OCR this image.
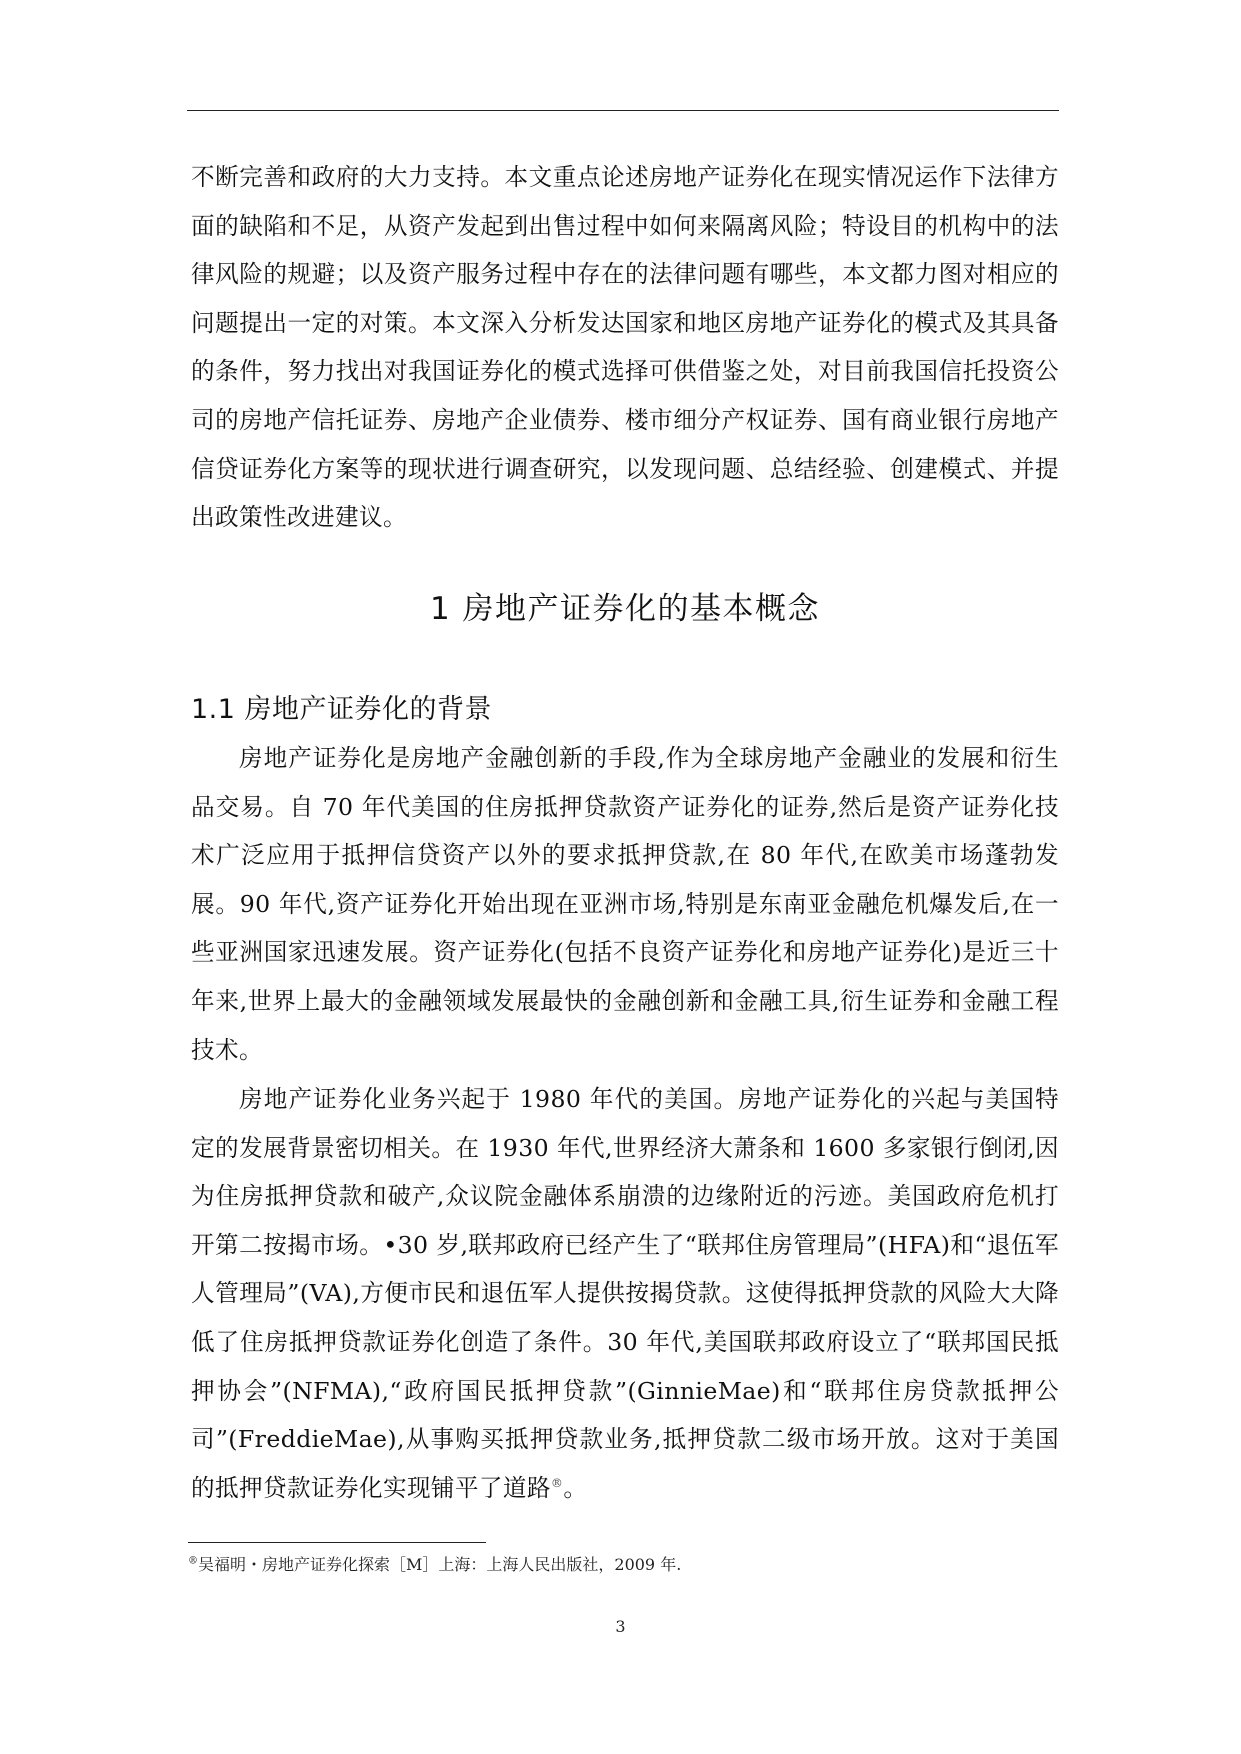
不断完善和政府的大力支持。本文重点论述房地产证券化在现实情况运作下法律方面的缺陷和不足，从资产发起到出售过程中如何来隔离风险；特设目的机构中的法律风险的规避；以及资产服务过程中存在的法律问题有哪些，本文都力图对相应的问题提出一定的对策。本文深入分析发达国家和地区房地产证券化的模式及其具备的条件，努力找出对我国证券化的模式选择可供借鉴之处，对目前我国信托投资公司的房地产信托证券、房地产企业债券、楼市细分产权证券、国有商业银行房地产信贷证券化方案等的现状进行调查研究，以发现问题、总结经验、创建模式、并提出政策性改进建议。

1 房地产证券化的基本概念
1.1 房地产证券化的背景

房地产证券化是房地产金融创新的手段,作为全球房地产金融业的发展和衍生品交易。自 70 年代美国的住房抵押贷款资产证券化的证券,然后是资产证券化技术广泛应用于抵押信贷资产以外的要求抵押贷款,在 80 年代,在欧美市场蓬勃发展。90 年代,资产证券化开始出现在亚洲市场,特别是东南亚金融危机爆发后,在一些亚洲国家迅速发展。资产证券化(包括不良资产证券化和房地产证券化)是近三十年来,世界上最大的金融领域发展最快的金融创新和金融工具,衍生证券和金融工程技术。

房地产证券化业务兴起于 1980 年代的美国。房地产证券化的兴起与美国特定的发展背景密切相关。在 1930 年代,世界经济大萧条和 1600 多家银行倒闭,因为住房抵押贷款和破产,众议院金融体系崩溃的边缘附近的污迹。美国政府危机打开第二按揭市场。•30 岁,联邦政府已经产生了“联邦住房管理局”(HFA)和“退伍军人管理局”(VA),方便市民和退伍军人提供按揭贷款。这使得抵押贷款的风险大大降低了住房抵押贷款证券化创造了条件。30 年代,美国联邦政府设立了“联邦国民抵押协会”(NFMA),“政府国民抵押贷款”(GinnieMae)和“联邦住房贷款抵押公司”(FreddieMae),从事购买抵押贷款业务,抵押贷款二级市场开放。这对于美国的抵押贷款证券化实现铺平了道路®。

®吴福明・房地产证券化探索［M］上海：上海人民出版社，2009 年.

3
